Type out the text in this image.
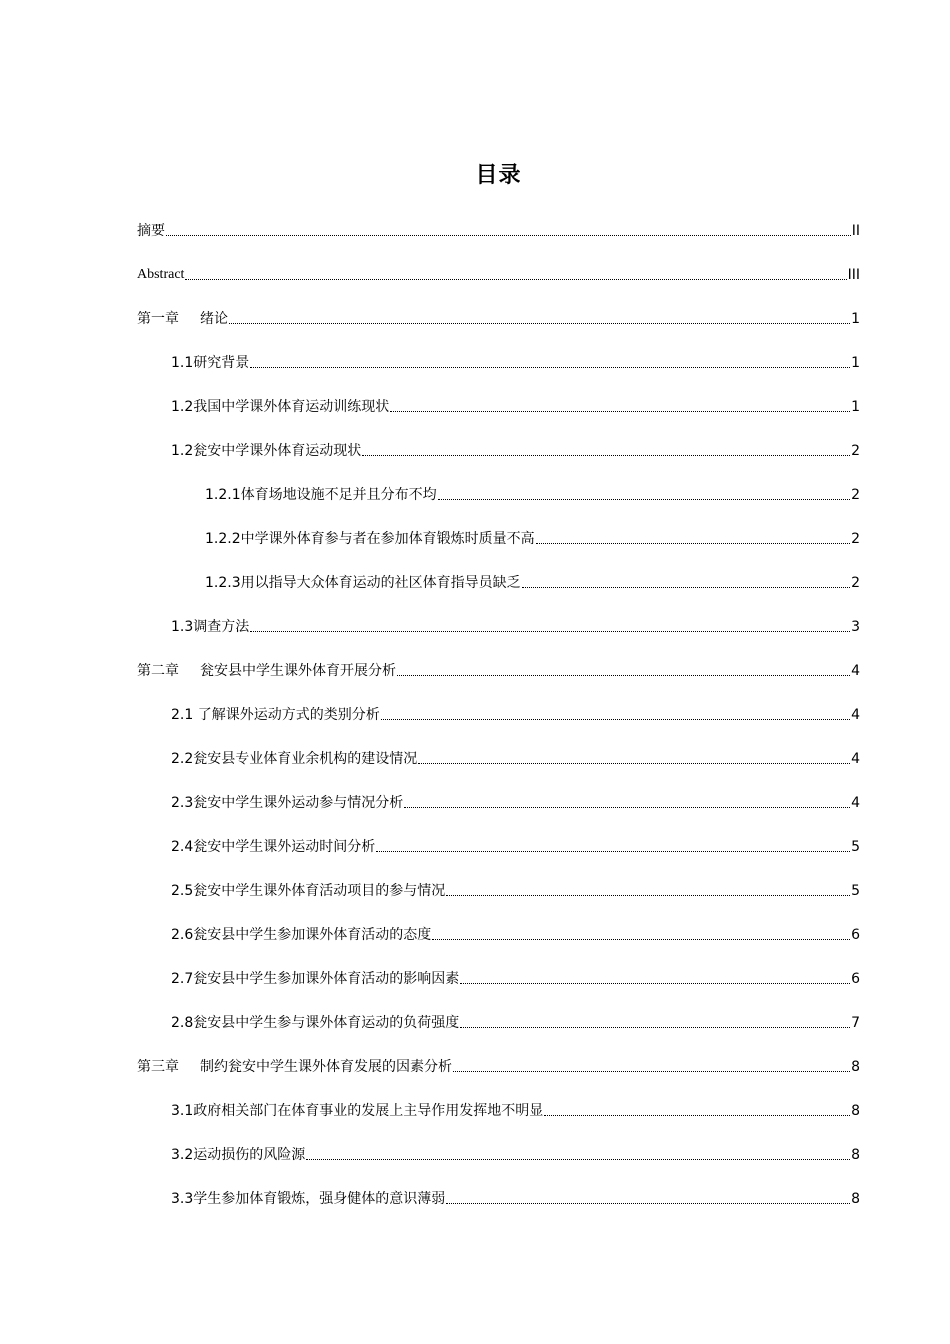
目录
摘要	II
Abstract	III
第一章 绪论	1
1.1研究背景	1
1.2我国中学课外体育运动训练现状	1
1.2瓮安中学课外体育运动现状	2
1.2.1体育场地设施不足并且分布不均	2
1.2.2中学课外体育参与者在参加体育锻炼时质量不高	2
1.2.3用以指导大众体育运动的社区体育指导员缺乏	2
1.3调查方法	3
第二章 瓮安县中学生课外体育开展分析	4
2.1 了解课外运动方式的类别分析	4
2.2瓮安县专业体育业余机构的建设情况	4
2.3瓮安中学生课外运动参与情况分析	4
2.4瓮安中学生课外运动时间分析	5
2.5瓮安中学生课外体育活动项目的参与情况	5
2.6瓮安县中学生参加课外体育活动的态度	6
2.7瓮安县中学生参加课外体育活动的影响因素	6
2.8瓮安县中学生参与课外体育运动的负荷强度	7
第三章 制约瓮安中学生课外体育发展的因素分析	8
3.1政府相关部门在体育事业的发展上主导作用发挥地不明显	8
3.2运动损伤的风险源	8
3.3学生参加体育锻炼，强身健体的意识薄弱	8
